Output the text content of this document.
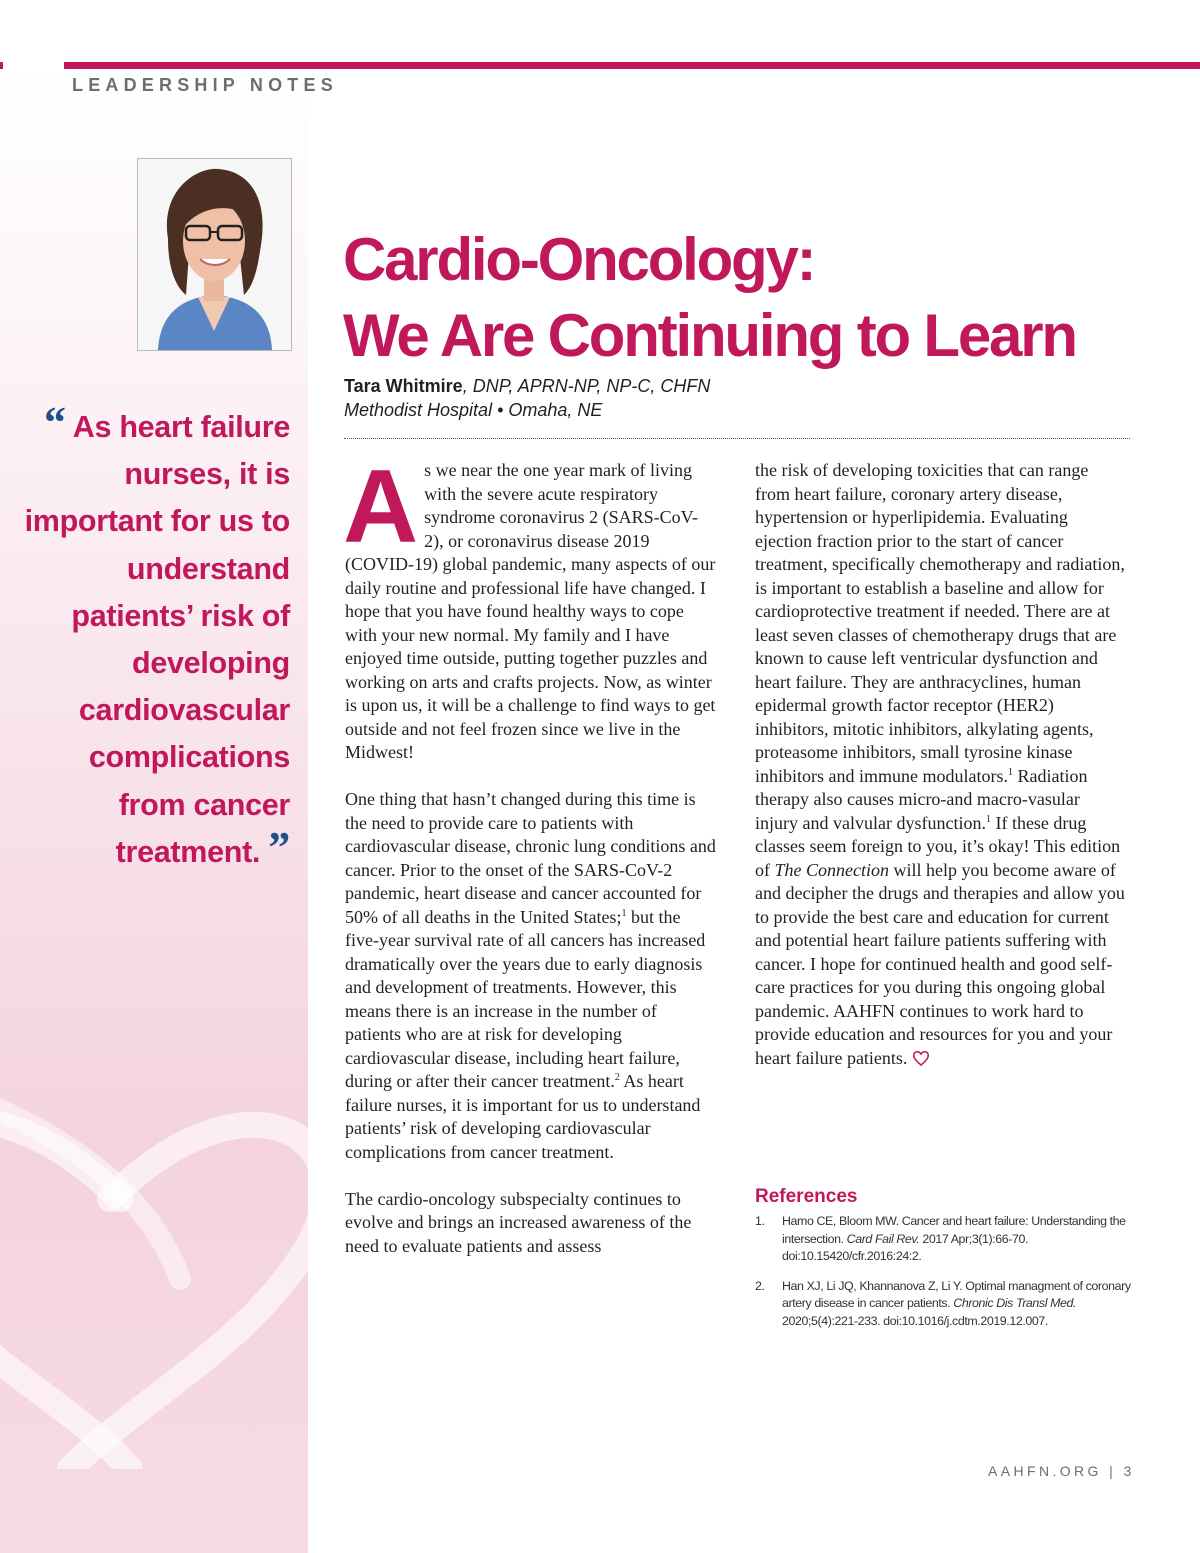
LEADERSHIP NOTES
“ As heart failure nurses, it is important for us to understand patients’ risk of developing cardiovascular complications from cancer treatment. ”
Cardio-Oncology:
We Are Continuing to Learn
Tara Whitmire, DNP, APRN-NP, NP-C, CHFN
Methodist Hospital • Omaha, NE

As we near the one year mark of living with the severe acute respiratory syndrome coronavirus 2 (SARS-CoV-2), or coronavirus disease 2019 (COVID-19) global pandemic, many aspects of our daily routine and professional life have changed. I hope that you have found healthy ways to cope with your new normal. My family and I have enjoyed time outside, putting together puzzles and working on arts and crafts projects. Now, as winter is upon us, it will be a challenge to find ways to get outside and not feel frozen since we live in the Midwest!

One thing that hasn’t changed during this time is the need to provide care to patients with cardiovascular disease, chronic lung conditions and cancer. Prior to the onset of the SARS-CoV-2 pandemic, heart disease and cancer accounted for 50% of all deaths in the United States;$^1$ but the five-year survival rate of all cancers has increased dramatically over the years due to early diagnosis and development of treatments. However, this means there is an increase in the number of patients who are at risk for developing cardiovascular disease, including heart failure, during or after their cancer treatment.$^2$ As heart failure nurses, it is important for us to understand patients’ risk of developing cardiovascular complications from cancer treatment.

The cardio-oncology subspecialty continues to evolve and brings an increased awareness of the need to evaluate patients and assess

the risk of developing toxicities that can range from heart failure, coronary artery disease, hypertension or hyperlipidemia. Evaluating ejection fraction prior to the start of cancer treatment, specifically chemotherapy and radiation, is important to establish a baseline and allow for cardioprotective treatment if needed. There are at least seven classes of chemotherapy drugs that are known to cause left ventricular dysfunction and heart failure. They are anthracyclines, human epidermal growth factor receptor (HER2) inhibitors, mitotic inhibitors, alkylating agents, proteasome inhibitors, small tyrosine kinase inhibitors and immune modulators.$^1$ Radiation therapy also causes micro-and macro-vasular injury and valvular dysfunction.$^1$ If these drug classes seem foreign to you, it’s okay! This edition of The Connection will help you become aware of and decipher the drugs and therapies and allow you to provide the best care and education for current and potential heart failure patients suffering with cancer. I hope for continued health and good self-care practices for you during this ongoing global pandemic. AAHFN continues to work hard to provide education and resources for you and your heart failure patients.

References
1. Hamo CE, Bloom MW. Cancer and heart failure: Understanding the intersection. Card Fail Rev. 2017 Apr;3(1):66-70. doi:10.15420/cfr.2016:24:2.
2. Han XJ, Li JQ, Khannanova Z, Li Y. Optimal managment of coronary artery disease in cancer patients. Chronic Dis Transl Med. 2020;5(4):221-233. doi:10.1016/j.cdtm.2019.12.007.
AAHFN.ORG | 3
